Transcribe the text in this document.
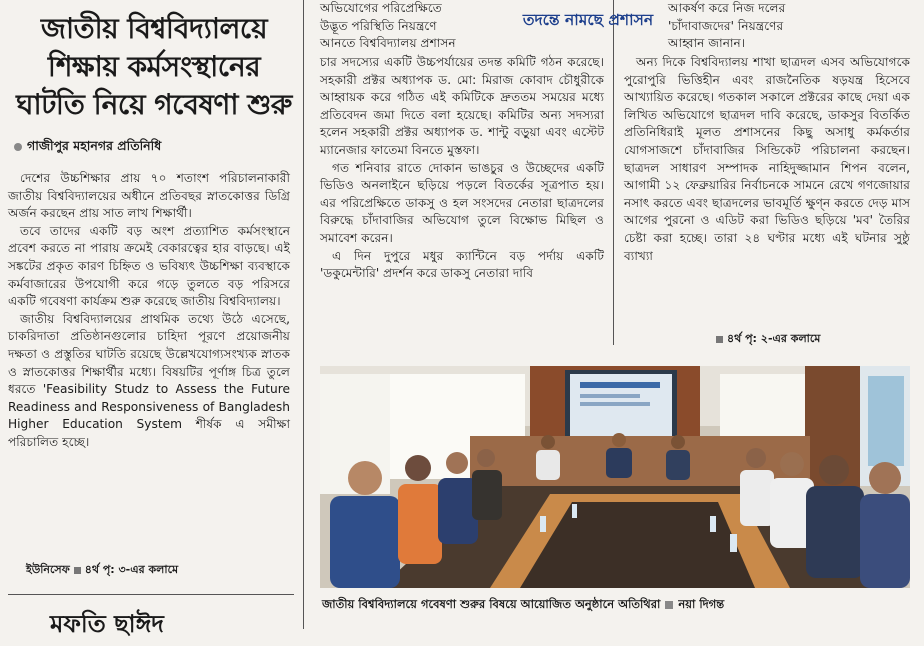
জাতীয় বিশ্ববিদ্যালয়ে
শিক্ষায় কর্মসংস্থানের
ঘাটতি নিয়ে গবেষণা শুরু
গাজীপুর মহানগর প্রতিনিধি

দেশের উচ্চশিক্ষার প্রায় ৭০ শতাংশ পরিচালনাকারী জাতীয় বিশ্ববিদ্যালয়ের অধীনে প্রতিবছর স্নাতকোত্তর ডিগ্রি অর্জন করছেন প্রায় সাত লাখ শিক্ষার্থী।

তবে তাদের একটি বড় অংশ প্রত্যাশিত কর্মসংস্থানে প্রবেশ করতে না পারায় ক্রমেই বেকারত্বের হার বাড়ছে। এই সঙ্কটের প্রকৃত কারণ চিহ্নিত ও ভবিষ্যৎ উচ্চশিক্ষা ব্যবস্থাকে কর্মবাজারের উপযোগী করে গড়ে তুলতে বড় পরিসরে একটি গবেষণা কার্যক্রম শুরু করেছে জাতীয় বিশ্ববিদ্যালয়।

জাতীয় বিশ্ববিদ্যালয়ের প্রাথমিক তথ্যে উঠে এসেছে, চাকরিদাতা প্রতিষ্ঠানগুলোর চাহিদা পূরণে প্রয়োজনীয় দক্ষতা ও প্রস্তুতির ঘাটতি রয়েছে উল্লেখযোগ্যসংখ্যক স্নাতক ও স্নাতকোত্তর শিক্ষার্থীর মধ্যে। বিষয়টির পূর্ণাঙ্গ চিত্র তুলে ধরতে 'Feasibility Studz to Assess the Future Readiness and Responsiveness of Bangladesh Higher Education System শীর্ষক এ সমীক্ষা পরিচালিত হচ্ছে।

ইউনিসেফ ৪র্থ পৃ: ৩-এর কলামে
মফতি ছাঈদ
অভিযোগের পরিপ্রেক্ষিতে
উদ্ভূত পরিস্থিতি নিয়ন্ত্রণে
আনতে বিশ্ববিদ্যালয় প্রশাসন
তদন্তে নামছে প্রশাসন

চার সদস্যের একটি উচ্চপর্যায়ের তদন্ত কমিটি গঠন করেছে। সহকারী প্রক্টর অধ্যাপক ড. মো: মিরাজ কোবাদ চৌধুরীকে আহ্বায়ক করে গঠিত এই কমিটিকে দ্রুততম সময়ের মধ্যে প্রতিবেদন জমা দিতে বলা হয়েছে। কমিটির অন্য সদস্যরা হলেন সহকারী প্রক্টর অধ্যাপক ড. শান্টু বড়ুয়া এবং এস্টেট ম্যানেজার ফাতেমা বিনতে মুস্তফা।

গত শনিবার রাতে দোকান ভাঙচুর ও উচ্ছেদের একটি ভিডিও অনলাইনে ছড়িয়ে পড়লে বিতর্কের সূত্রপাত হয়। এর পরিপ্রেক্ষিতে ডাকসু ও হল সংসদের নেতারা ছাত্রদলের বিরুদ্ধে চাঁদাবাজির অভিযোগ তুলে বিক্ষোভ মিছিল ও সমাবেশ করেন।

এ দিন দুপুরে মধুর ক্যান্টিনে বড় পর্দায় একটি 'ডকুমেন্টারি' প্রদর্শন করে ডাকসু নেতারা দাবি

আকর্ষণ করে নিজ দলের
'চাঁদাবাজদের' নিয়ন্ত্রণের
আহ্বান জানান।

অন্য দিকে বিশ্ববিদ্যালয় শাখা ছাত্রদল এসব অভিযোগকে পুরোপুরি ভিত্তিহীন এবং রাজনৈতিক ষড়যন্ত্র হিসেবে আখ্যায়িত করেছে। গতকাল সকালে প্রক্টরের কাছে দেয়া এক লিখিত অভিযোগে ছাত্রদল দাবি করেছে, ডাকসুর বিতর্কিত প্রতিনিধিরাই মূলত প্রশাসনের কিছু অসাধু কর্মকর্তার যোগসাজশে চাঁদাবাজির সিন্ডিকেট পরিচালনা করছেন। ছাত্রদল সাধারণ সম্পাদক নাহিদুজ্জামান শিপন বলেন, আগামী ১২ ফেব্রুয়ারির নির্বাচনকে সামনে রেখে গণজোয়ার নসাৎ করতে এবং ছাত্রদলের ভাবমূর্তি ক্ষুণ্ন করতে দেড় মাস আগের পুরনো ও এডিট করা ভিডিও ছড়িয়ে 'মব' তৈরির চেষ্টা করা হচ্ছে। তারা ২৪ ঘণ্টার মধ্যে এই ঘটনার সুষ্ঠু ব্যাখ্যা

৪র্থ পৃ: ২-এর কলামে
জাতীয় বিশ্ববিদ্যালয়ে গবেষণা শুরুর বিষয়ে আয়োজিত অনুষ্ঠানে অতিথিরা নয়া দিগন্ত
